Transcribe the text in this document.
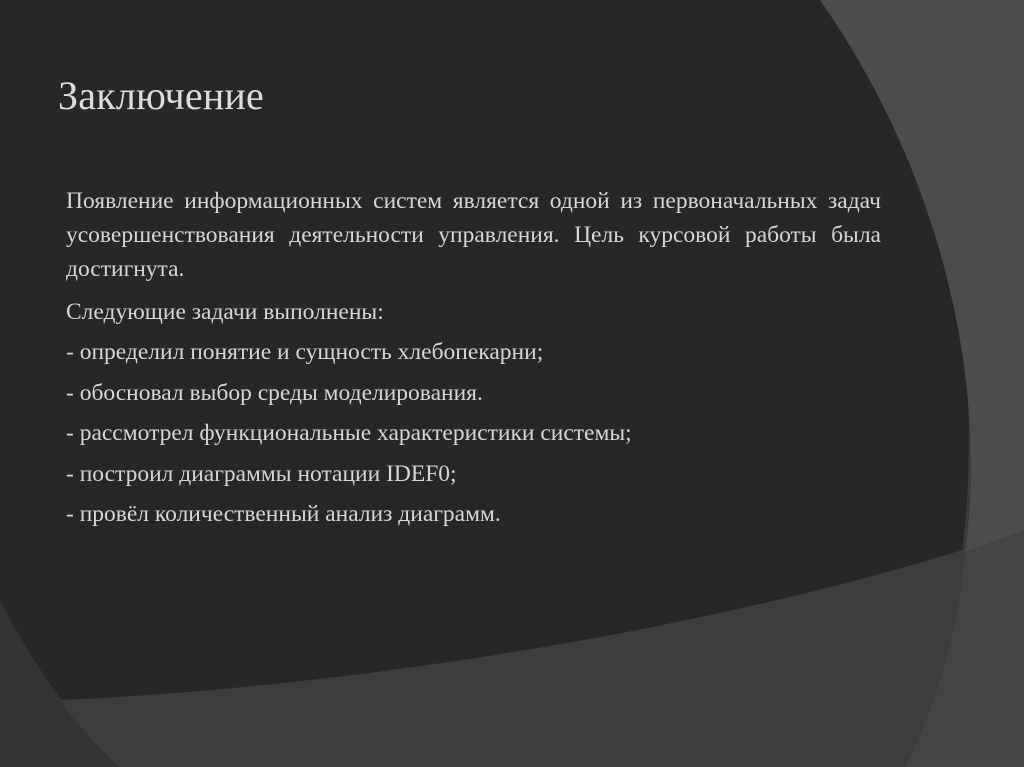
Заключение

Появление информационных систем является одной из первоначальных задач усовершенствования деятельности управления. Цель курсовой работы была достигнута.

Следующие задачи выполнены:

- определил понятие и сущность хлебопекарни;
- обосновал выбор среды моделирования.
- рассмотрел функциональные характеристики системы;
- построил диаграммы нотации IDEF0;
- провёл количественный анализ диаграмм.
